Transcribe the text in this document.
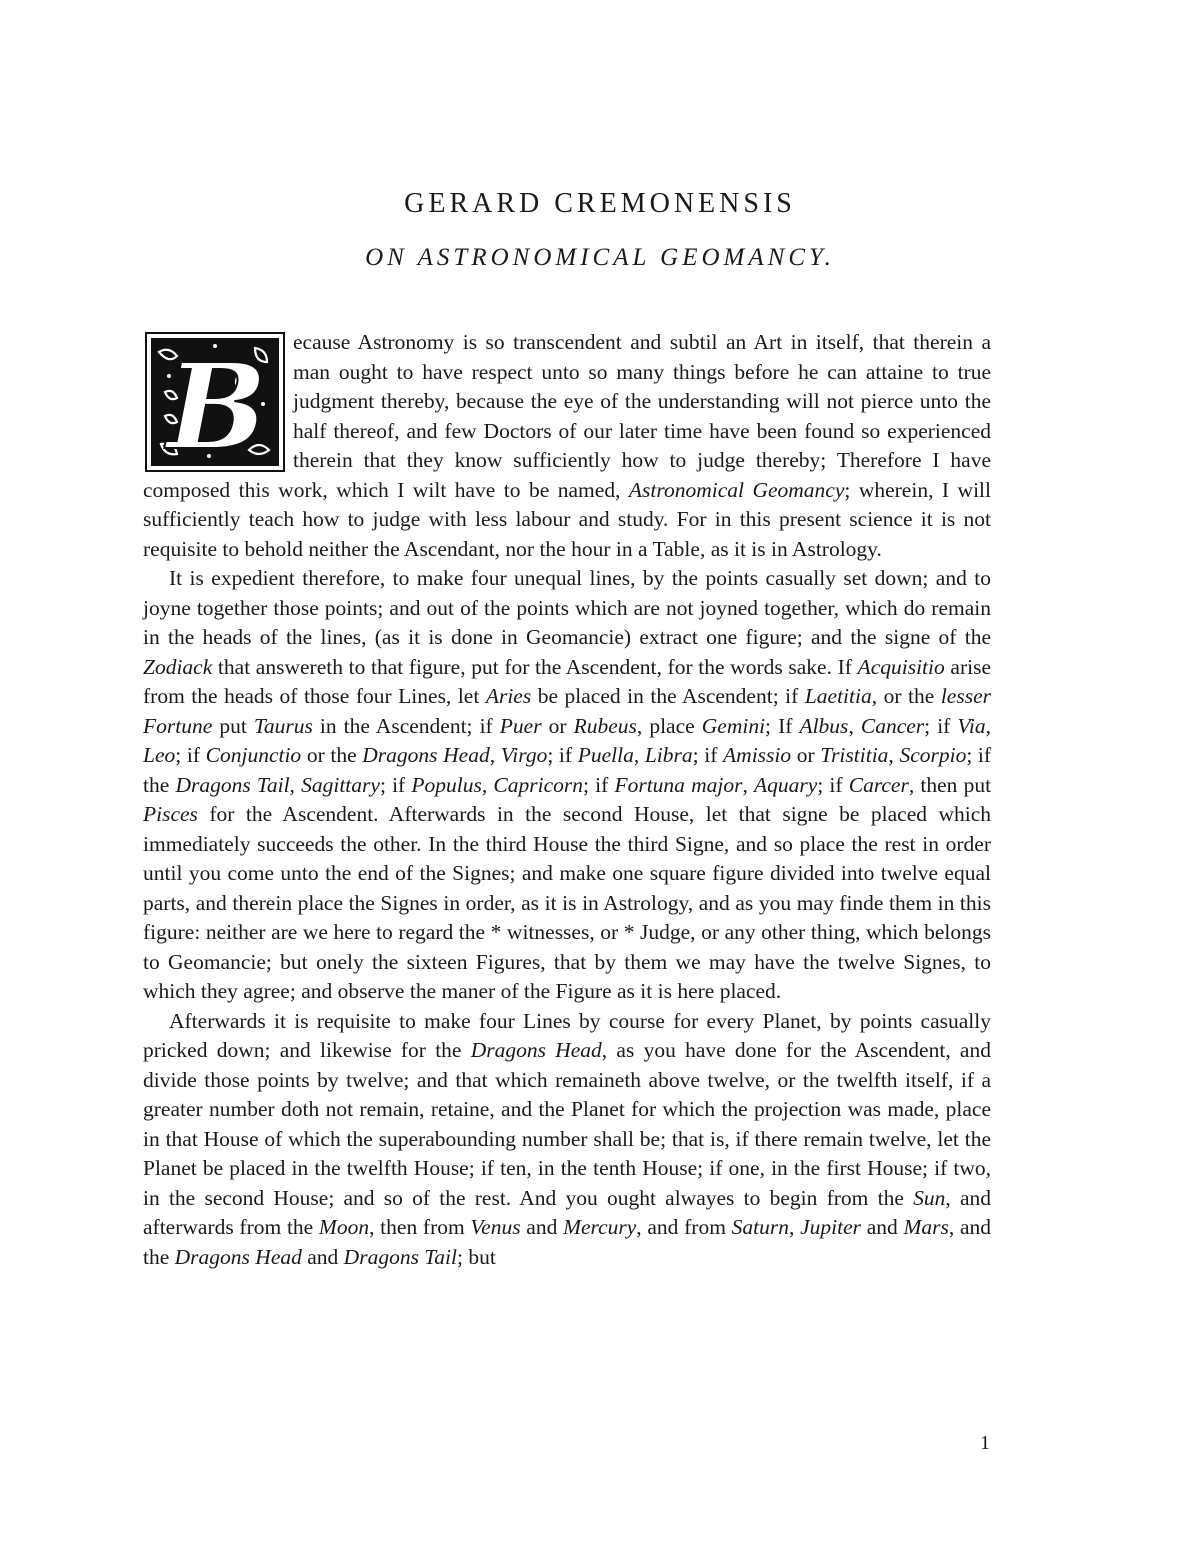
GERARD CREMONENSIS
ON ASTRONOMICAL GEOMANCY.

B ecause Astronomy is so transcendent and subtil an Art in itself, that therein a man ought to have respect unto so many things before he can attaine to true judgment thereby, because the eye of the understanding will not pierce unto the half thereof, and few Doctors of our later time have been found so experienced therein that they know sufficiently how to judge thereby; Therefore I have composed this work, which I wilt have to be named, Astronomical Geomancy; wherein, I will sufficiently teach how to judge with less labour and study. For in this present science it is not requisite to behold neither the Ascendant, nor the hour in a Table, as it is in Astrology.

It is expedient therefore, to make four unequal lines, by the points casually set down; and to joyne together those points; and out of the points which are not joyned together, which do remain in the heads of the lines, (as it is done in Geomancie) extract one figure; and the signe of the Zodiack that answereth to that figure, put for the Ascendent, for the words sake. If Acquisitio arise from the heads of those four Lines, let Aries be placed in the Ascendent; if Laetitia, or the lesser Fortune put Taurus in the Ascendent; if Puer or Rubeus, place Gemini; If Albus, Cancer; if Via, Leo; if Conjunctio or the Dragons Head, Virgo; if Puella, Libra; if Amissio or Tristitia, Scorpio; if the Dragons Tail, Sagittary; if Populus, Capricorn; if Fortuna major, Aquary; if Carcer, then put Pisces for the Ascendent. Afterwards in the second House, let that signe be placed which immediately succeeds the other. In the third House the third Signe, and so place the rest in order until you come unto the end of the Signes; and make one square figure divided into twelve equal parts, and therein place the Signes in order, as it is in Astrology, and as you may finde them in this figure: neither are we here to regard the * witnesses, or * Judge, or any other thing, which belongs to Geomancie; but onely the sixteen Figures, that by them we may have the twelve Signes, to which they agree; and observe the maner of the Figure as it is here placed.

Afterwards it is requisite to make four Lines by course for every Planet, by points casually pricked down; and likewise for the Dragons Head, as you have done for the Ascendent, and divide those points by twelve; and that which remaineth above twelve, or the twelfth itself, if a greater number doth not remain, retaine, and the Planet for which the projection was made, place in that House of which the superabounding number shall be; that is, if there remain twelve, let the Planet be placed in the twelfth House; if ten, in the tenth House; if one, in the first House; if two, in the second House; and so of the rest. And you ought alwayes to begin from the Sun, and afterwards from the Moon, then from Venus and Mercury, and from Saturn, Jupiter and Mars, and the Dragons Head and Dragons Tail; but

1
